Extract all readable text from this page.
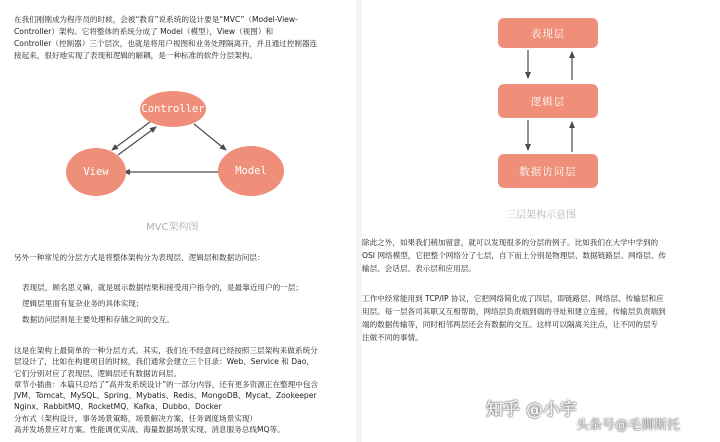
在我们刚刚成为程序员的时候，会被“教育”说系统的设计要是“MVC”（Model-View-
Controller）架构。它将整体的系统分成了 Model（模型），View（视图）和
Controller（控制器）三个层次，也就是将用户视图和业务处理隔离开，并且通过控制器连
接起来，很好地实现了表现和逻辑的解耦，是一种标准的软件分层架构。

Controller
View	Model
MVC架构图

另外一种常见的分层方式是将整体架构分为表现层、逻辑层和数据访问层：

表现层，顾名思义嘛，就是展示数据结果和接受用户指令的，是最靠近用户的一层；
逻辑层里面有复杂业务的具体实现；
数据访问层则是主要处理和存储之间的交互。

这是在架构上最简单的一种分层方式。其实，我们在不经意间已经按照三层架构来做系统分
层设计了，比如在构建项目的时候，我们通常会建立三个目录：Web、Service 和 Dao，
它们分别对应了表现层、逻辑层还有数据访问层。
章节小插曲：本篇只总结了“高并发系统设计”的一部分内容，还有更多资源正在整理中包含
JVM、Tomcat、MySQL、Spring、Mybatis、Redis、MongoDB、Mycat、Zookeeper
Nginx、RabbitMQ、RocketMQ、Kafka、Dubbo、Docker
分布式（架构设计，事务场景策略，场景解决方案，任务调度场景实现）
高并发场景应对方案、性能调优实战、海量数据场景实现、消息服务总线MQ等。

表现层
逻辑层
数据访问层
三层架构示意图

除此之外，如果我们稍加留意，就可以发现很多的分层的例子。比如我们在大学中学到的
OSI 网络模型，它把整个网络分了七层，自下而上分别是物理层、数据链路层、网络层、传
输层、会话层、表示层和应用层。

工作中经常能用到 TCP/IP 协议，它把网络简化成了四层，即链路层、网络层、传输层和应
用层。每一层各司其职又互相帮助，网络层负责端到端的寻址和建立连接，传输层负责端到
端的数据传输等，同时相邻两层还会有数据的交互。这样可以隔离关注点，让不同的层专
注做不同的事情。

知乎 @小宇
头条号@毛狮斯托
